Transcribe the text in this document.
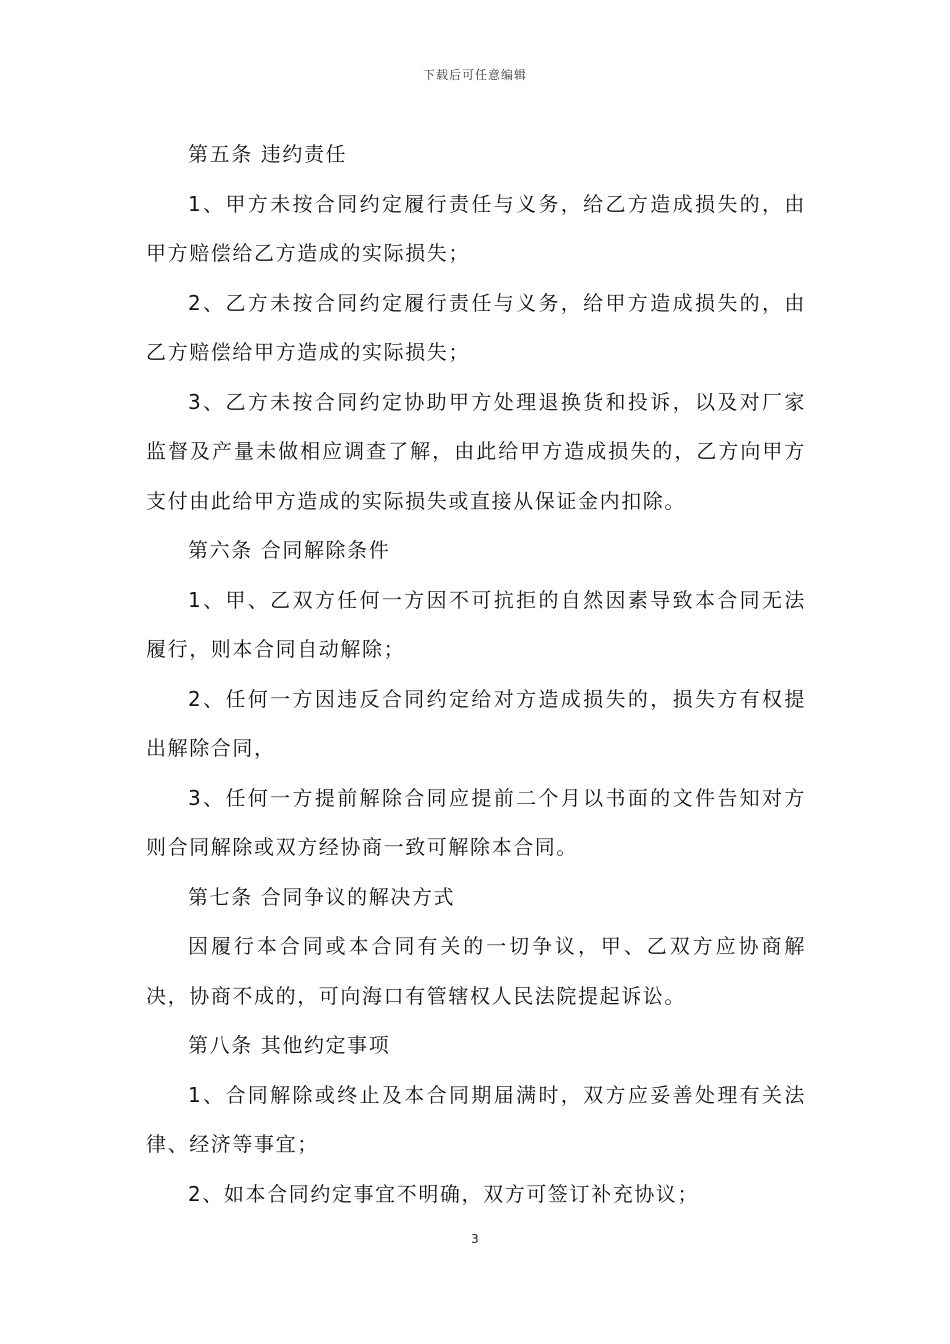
下载后可任意编辑

第五条 违约责任

1、甲方未按合同约定履行责任与义务，给乙方造成损失的，由甲方赔偿给乙方造成的实际损失；

2、乙方未按合同约定履行责任与义务，给甲方造成损失的，由乙方赔偿给甲方造成的实际损失；

3、乙方未按合同约定协助甲方处理退换货和投诉，以及对厂家监督及产量未做相应调查了解，由此给甲方造成损失的，乙方向甲方支付由此给甲方造成的实际损失或直接从保证金内扣除。

第六条 合同解除条件

1、甲、乙双方任何一方因不可抗拒的自然因素导致本合同无法履行，则本合同自动解除；

2、任何一方因违反合同约定给对方造成损失的，损失方有权提出解除合同，

3、任何一方提前解除合同应提前二个月以书面的文件告知对方则合同解除或双方经协商一致可解除本合同。

第七条 合同争议的解决方式

因履行本合同或本合同有关的一切争议，甲、乙双方应协商解决，协商不成的，可向海口有管辖权人民法院提起诉讼。

第八条 其他约定事项

1、合同解除或终止及本合同期届满时，双方应妥善处理有关法律、经济等事宜；

2、如本合同约定事宜不明确，双方可签订补充协议；

3
